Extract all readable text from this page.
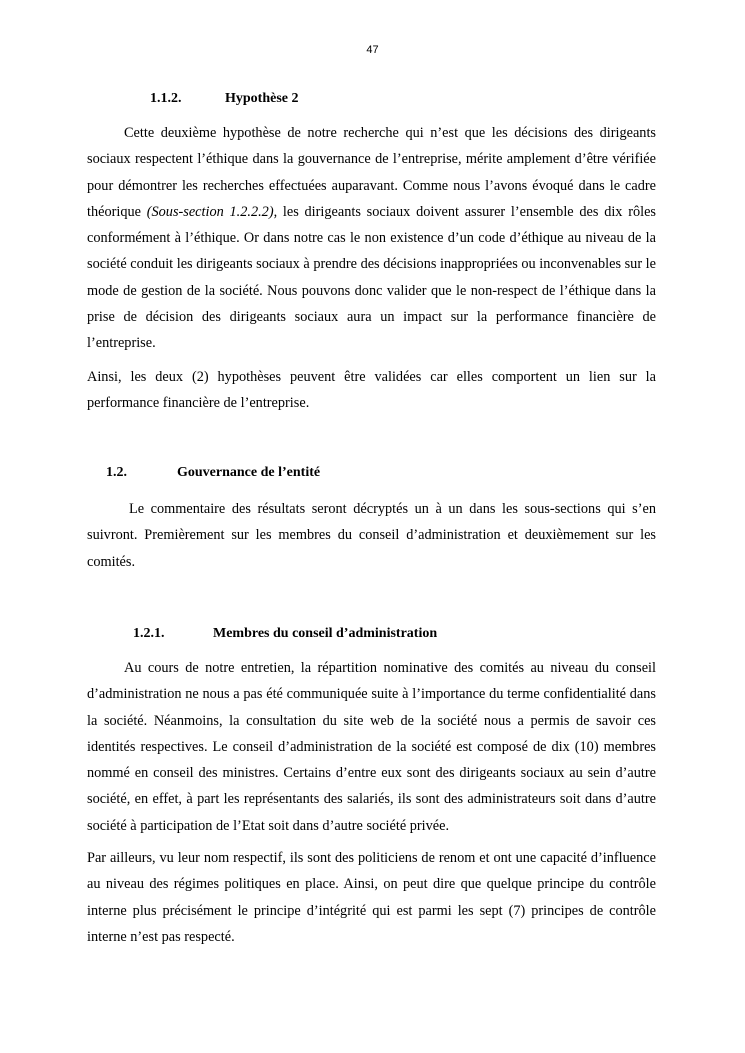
47
1.1.2.	Hypothèse 2
Cette deuxième hypothèse de notre recherche qui n’est que les décisions des dirigeants sociaux respectent l’éthique dans la gouvernance de l’entreprise, mérite amplement d’être vérifiée pour démontrer les recherches effectuées auparavant. Comme nous l’avons évoqué dans le cadre théorique (Sous-section 1.2.2.2), les dirigeants sociaux doivent assurer l’ensemble des dix rôles conformément à l’éthique. Or dans notre cas le non existence d’un code d’éthique au niveau de la société conduit les dirigeants sociaux à prendre des décisions inappropriées ou inconvenables sur le mode de gestion de la société. Nous pouvons donc valider que le non-respect de l’éthique dans la prise de décision des dirigeants sociaux aura un impact sur la performance financière de l’entreprise.
Ainsi, les deux (2) hypothèses peuvent être validées car elles comportent un lien sur la performance financière de l’entreprise.
1.2.	Gouvernance de l’entité
Le commentaire des résultats seront décryptés un à un dans les sous-sections qui s’en suivront. Premièrement sur les membres du conseil d’administration et deuxièmement sur les comités.
1.2.1.	Membres du conseil d’administration
Au cours de notre entretien, la répartition nominative des comités au niveau du conseil d’administration ne nous a pas été communiquée suite à l’importance du terme confidentialité dans la société. Néanmoins, la consultation du site web de la société nous a permis de savoir ces identités respectives. Le conseil d’administration de la société est composé de dix (10) membres nommé en conseil des ministres. Certains d’entre eux sont des dirigeants sociaux au sein d’autre société, en effet, à part les représentants des salariés, ils sont des administrateurs soit dans d’autre société à participation de l’Etat soit dans d’autre société privée.
Par ailleurs, vu leur nom respectif, ils sont des politiciens de renom et ont une capacité d’influence au niveau des régimes politiques en place. Ainsi, on peut dire que quelque principe du contrôle interne plus précisément le principe d’intégrité qui est parmi les sept (7) principes de contrôle interne n’est pas respecté.
